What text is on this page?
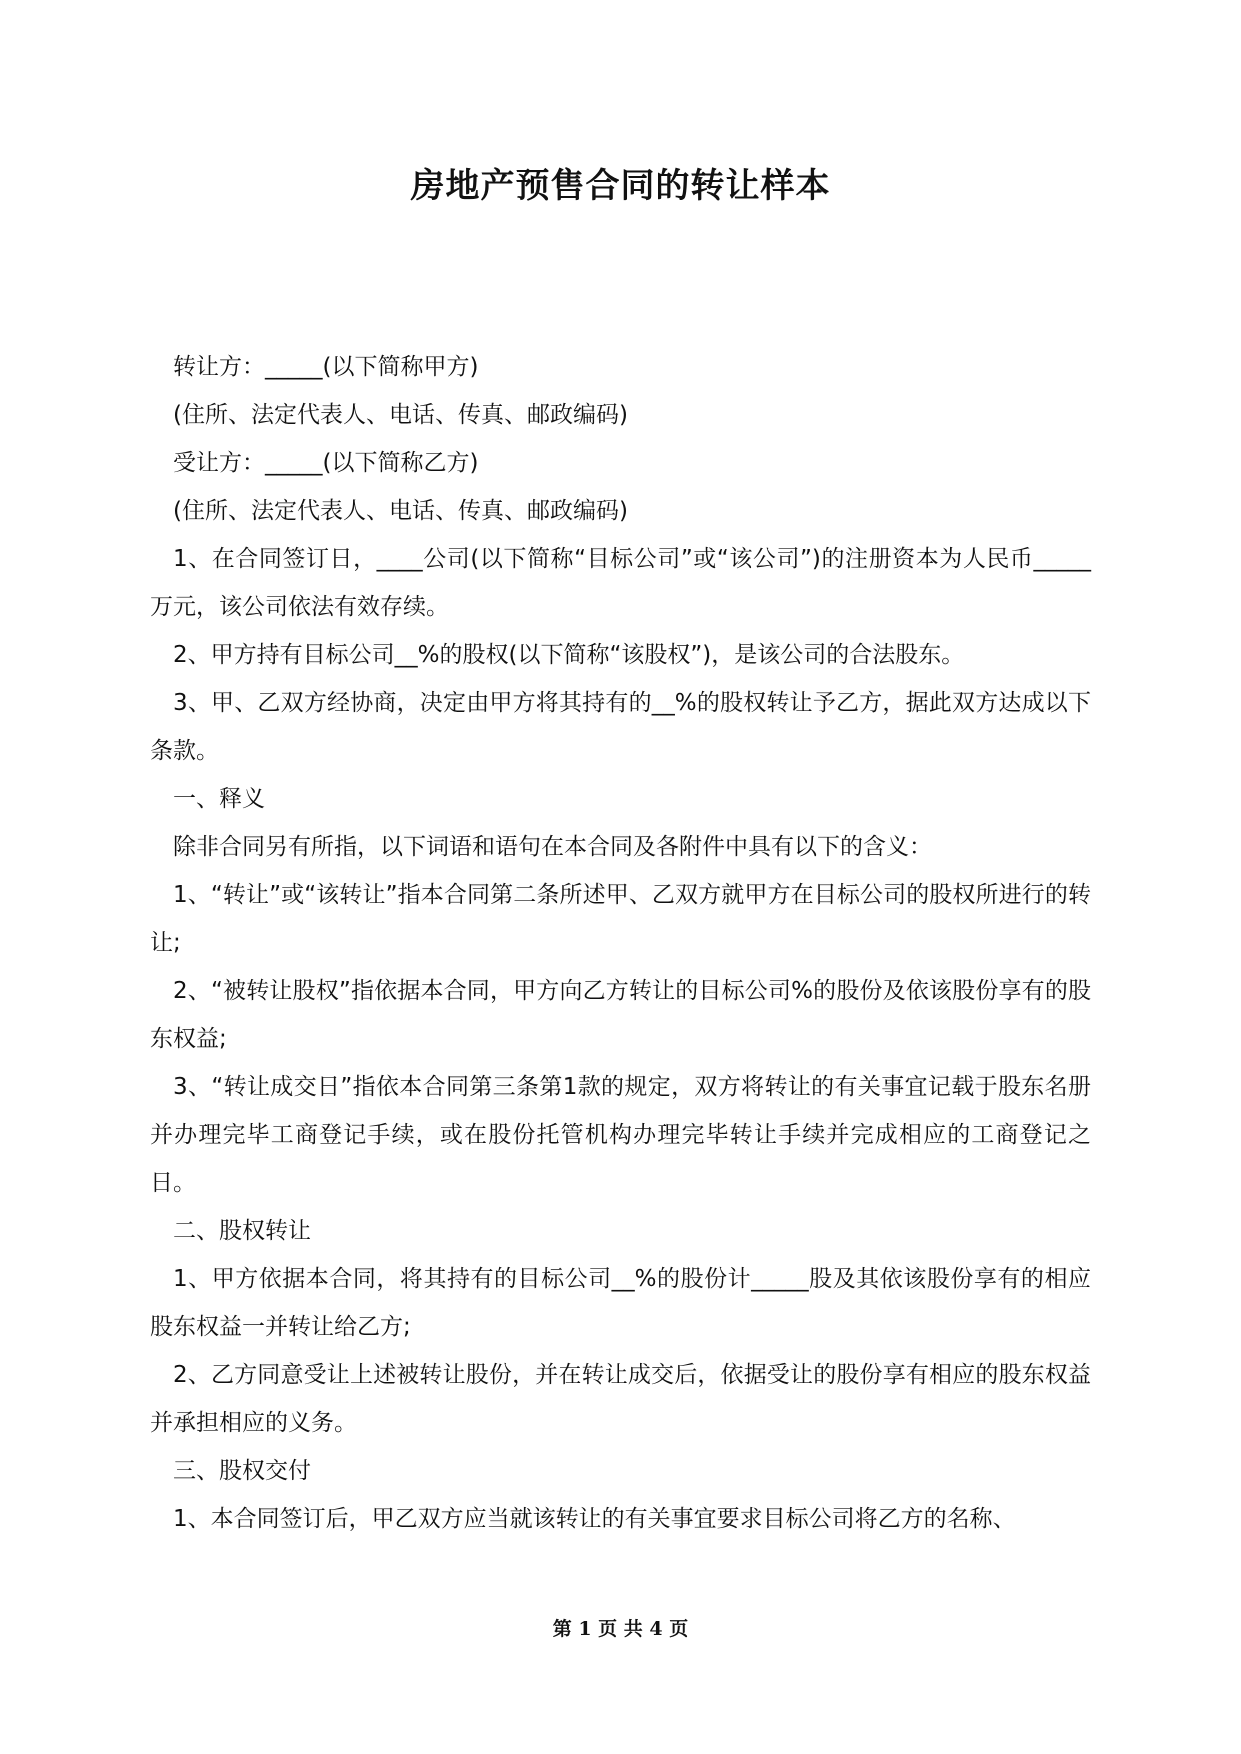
房地产预售合同的转让样本

转让方：_____(以下简称甲方)

(住所、法定代表人、电话、传真、邮政编码)

受让方：_____(以下简称乙方)

(住所、法定代表人、电话、传真、邮政编码)

1、在合同签订日，____公司(以下简称“目标公司”或“该公司”)的注册资本为人民币_____万元，该公司依法有效存续。

2、甲方持有目标公司__%的股权(以下简称“该股权”)，是该公司的合法股东。

3、甲、乙双方经协商，决定由甲方将其持有的__%的股权转让予乙方，据此双方达成以下条款。

一、释义

除非合同另有所指，以下词语和语句在本合同及各附件中具有以下的含义：

1、“转让”或“该转让”指本合同第二条所述甲、乙双方就甲方在目标公司的股权所进行的转让;

2、“被转让股权”指依据本合同，甲方向乙方转让的目标公司%的股份及依该股份享有的股东权益;

3、“转让成交日”指依本合同第三条第1款的规定，双方将转让的有关事宜记载于股东名册并办理完毕工商登记手续，或在股份托管机构办理完毕转让手续并完成相应的工商登记之日。

二、股权转让

1、甲方依据本合同，将其持有的目标公司__%的股份计_____股及其依该股份享有的相应股东权益一并转让给乙方;

2、乙方同意受让上述被转让股份，并在转让成交后，依据受让的股份享有相应的股东权益并承担相应的义务。

三、股权交付

1、本合同签订后，甲乙双方应当就该转让的有关事宜要求目标公司将乙方的名称、

第 1 页 共 4 页
